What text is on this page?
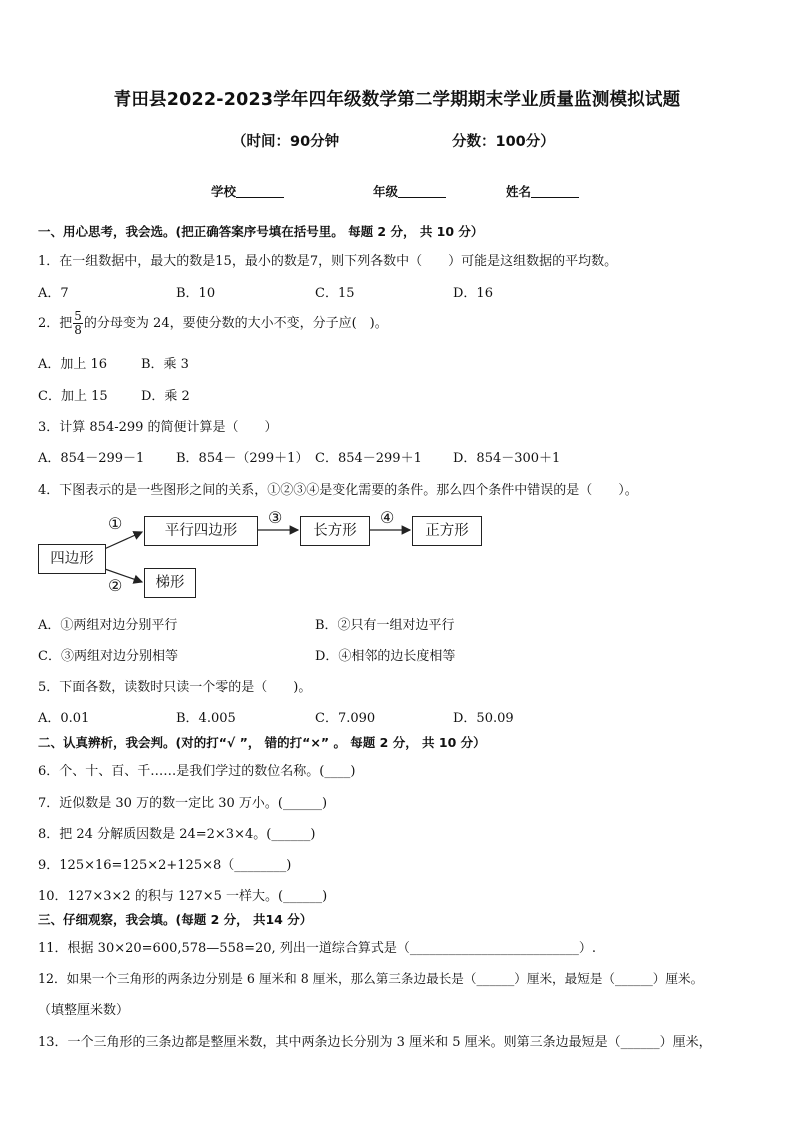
青田县2022-2023学年四年级数学第二学期期末学业质量监测模拟试题
（时间：90分钟	分数：100分）
学校	年级	姓名
一、用心思考，我会选。(把正确答案序号填在括号里。 每题 2 分， 共 10 分）
1．在一组数据中，最大的数是15，最小的数是7，则下列各数中（　　）可能是这组数据的平均数。
A．7	B．10	C．15	D．16
2．把 $\frac{5}{8}$ 的分母变为 24，要使分数的大小不变，分子应(　)。
A．加上 16	B．乘 3
C．加上 15	D．乘 2
3．计算 854-299 的简便计算是（　　）
A．854－299－1 B．854－（299＋1） C．854－299＋1 D．854－300＋1
4．下图表示的是一些图形之间的关系，①②③④是变化需要的条件。那么四个条件中错误的是（　　）。
四边形
平行四边形	长方形	正方形
梯形
①
②
③	④
A．①两组对边分别平行	B．②只有一组对边平行
C．③两组对边分别相等	D．④相邻的边长度相等
5．下面各数，读数时只读一个零的是（　　)。
A．0.01	B．4.005	C．7.090	D．50.09
二、认真辨析，我会判。(对的打“√ ”， 错的打“×” 。 每题 2 分， 共 10 分）
6．个、十、百、千……是我们学过的数位名称。(____)
7．近似数是 30 万的数一定比 30 万小。(______)
8．把 24 分解质因数是 24=2×3×4。(______)
9．125×16=125×2+125×8（________)
10．127×3×2 的积与 127×5 一样大。(______)
三、仔细观察，我会填。(每题 2 分， 共14 分）
11．根据 30×20=600,578—558=20, 列出一道综合算式是（__________________________）.
12．如果一个三角形的两条边分别是 6 厘米和 8 厘米，那么第三条边最长是（______）厘米，最短是（______）厘米。
（填整厘米数）
13．一个三角形的三条边都是整厘米数，其中两条边长分别为 3 厘米和 5 厘米。则第三条边最短是（______）厘米，
